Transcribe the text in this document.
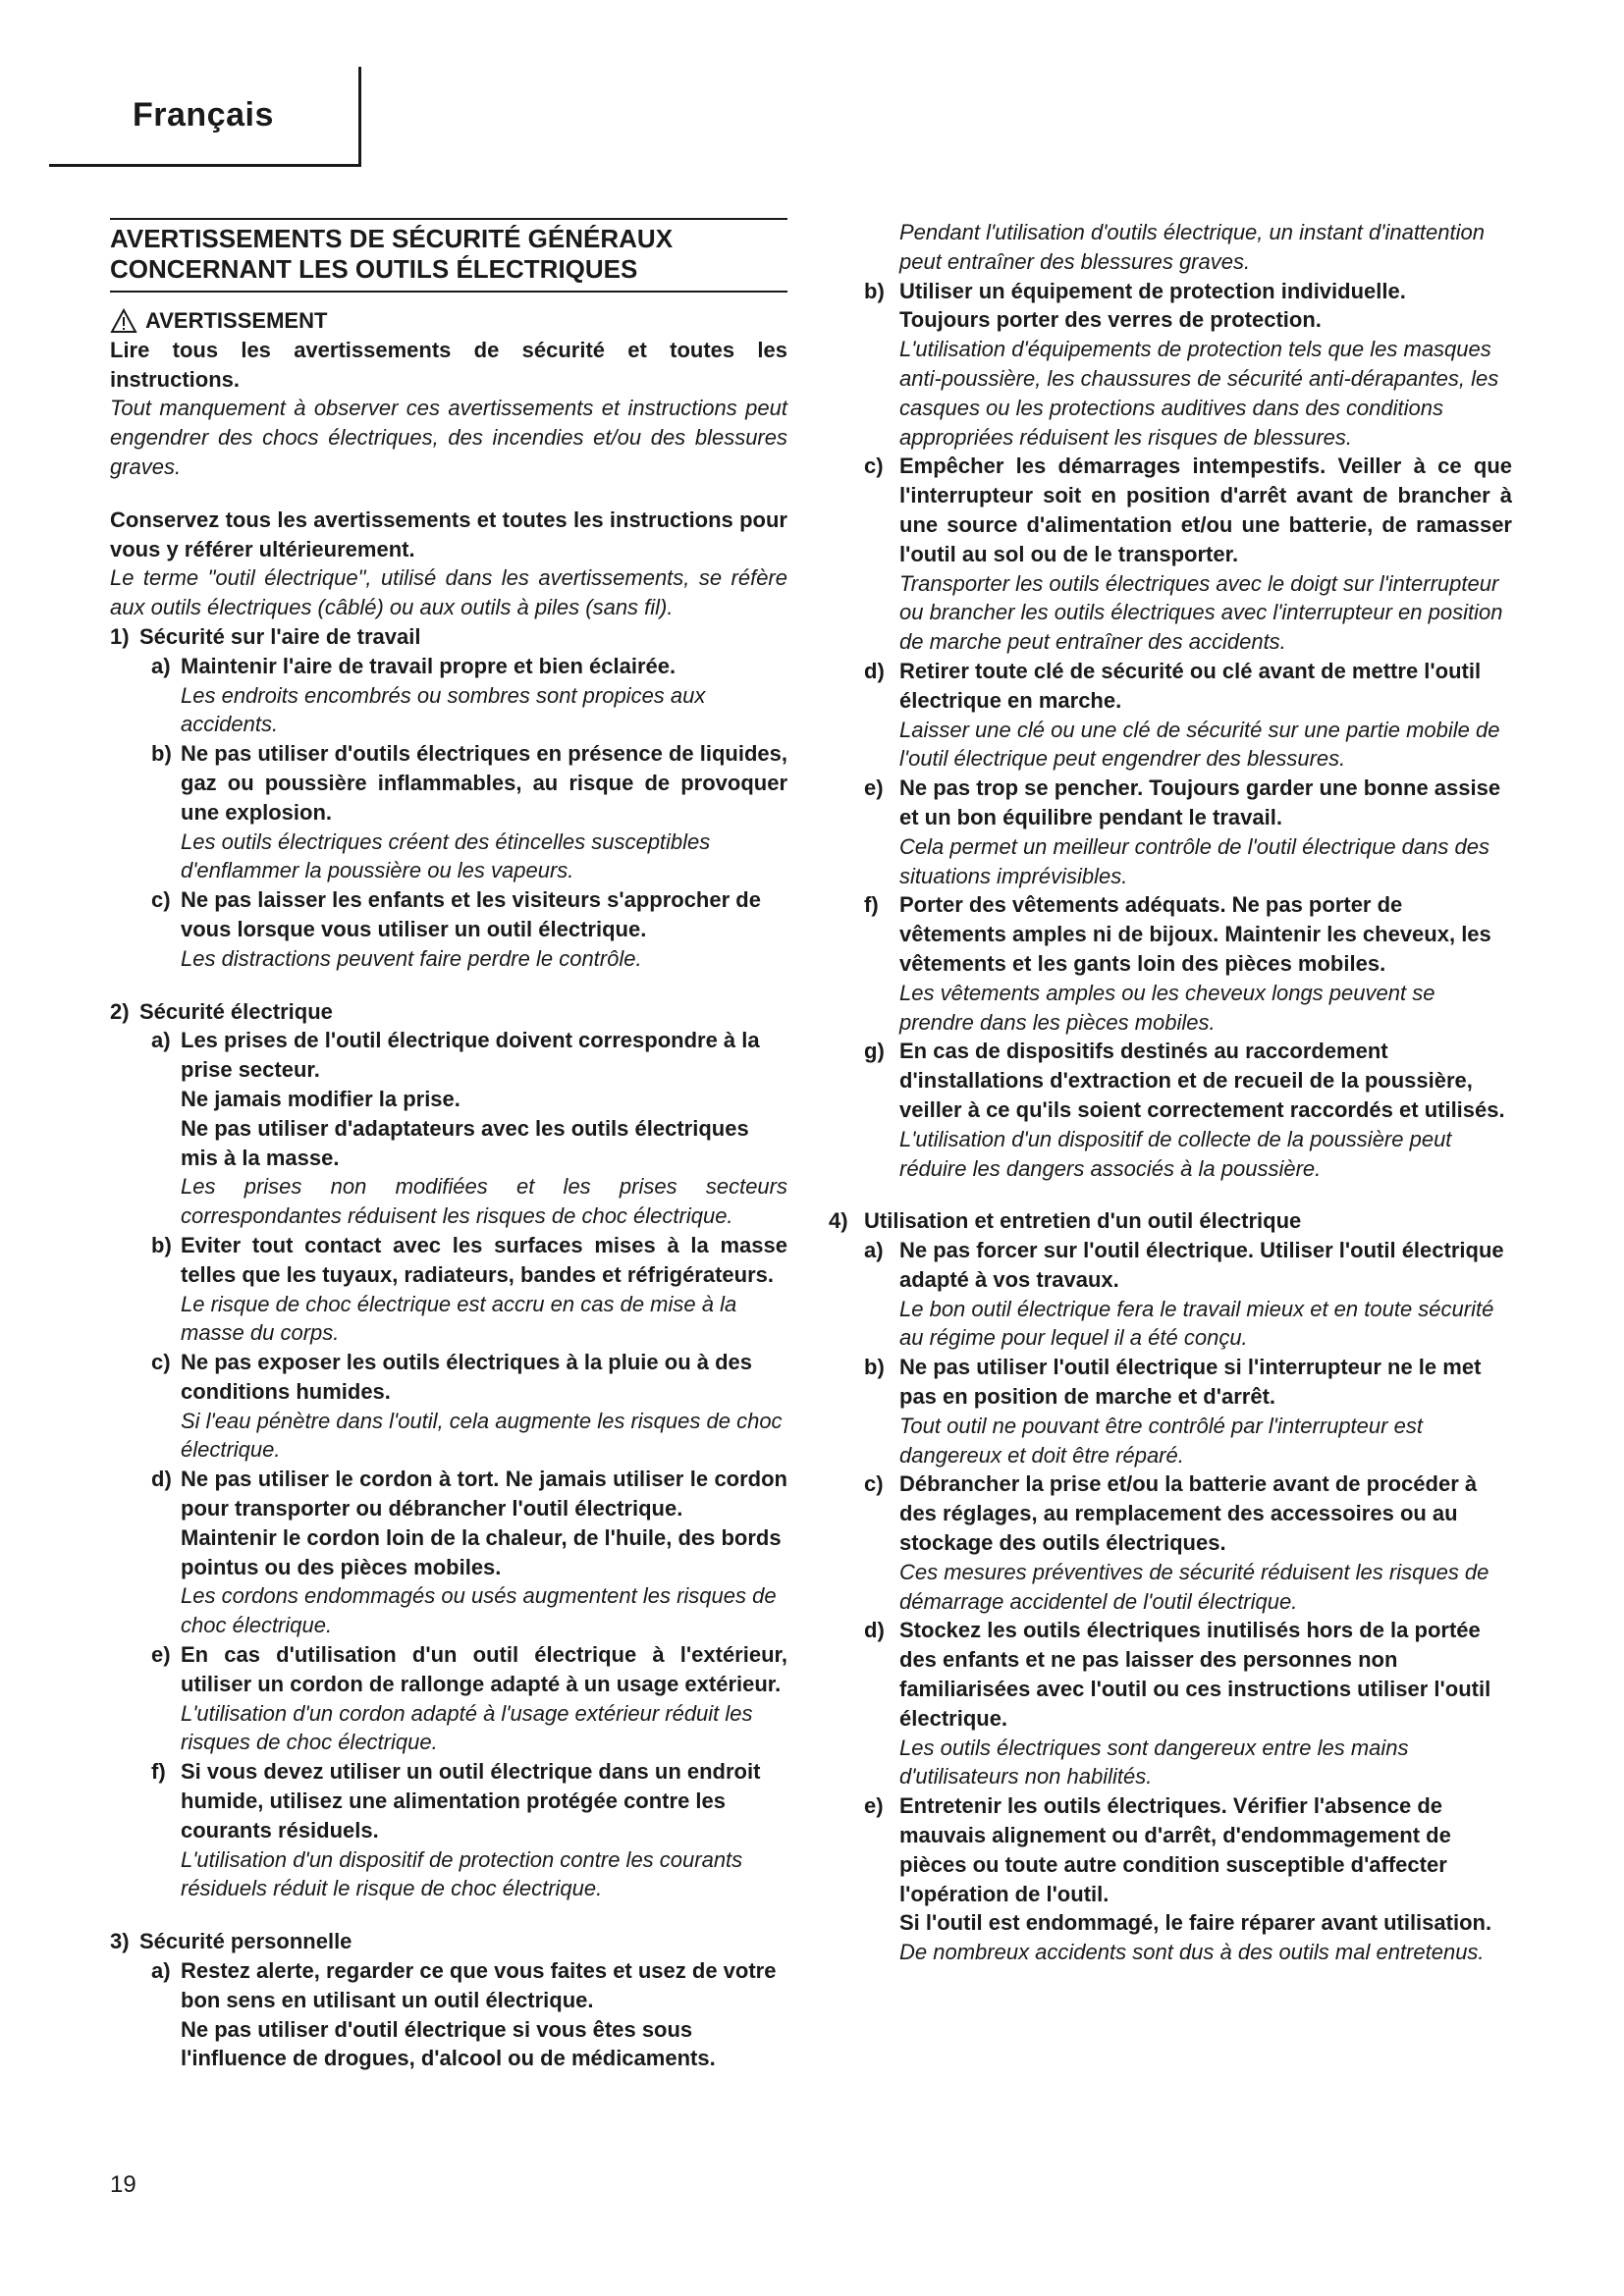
Français
AVERTISSEMENTS DE SÉCURITÉ GÉNÉRAUX CONCERNANT LES OUTILS ÉLECTRIQUES
AVERTISSEMENT

Lire tous les avertissements de sécurité et toutes les instructions.

Tout manquement à observer ces avertissements et instructions peut engendrer des chocs électriques, des incendies et/ou des blessures graves.

Conservez tous les avertissements et toutes les instructions pour vous y référer ultérieurement.

Le terme "outil électrique", utilisé dans les avertissements, se réfère aux outils électriques (câblé) ou aux outils à piles (sans fil).

1) Sécurité sur l'aire de travail
a) Maintenir l'aire de travail propre et bien éclairée.

Les endroits encombrés ou sombres sont propices aux accidents.

b) Ne pas utiliser d'outils électriques en présence de liquides, gaz ou poussière inflammables, au risque de provoquer une explosion.

Les outils électriques créent des étincelles susceptibles d'enflammer la poussière ou les vapeurs.

c) Ne pas laisser les enfants et les visiteurs s'approcher de vous lorsque vous utiliser un outil électrique.

Les distractions peuvent faire perdre le contrôle.

2) Sécurité électrique
a) Les prises de l'outil électrique doivent correspondre à la prise secteur.

Ne jamais modifier la prise.

Ne pas utiliser d'adaptateurs avec les outils électriques mis à la masse.

Les prises non modifiées et les prises secteurs correspondantes réduisent les risques de choc électrique.

b) Eviter tout contact avec les surfaces mises à la masse telles que les tuyaux, radiateurs, bandes et réfrigérateurs.

Le risque de choc électrique est accru en cas de mise à la masse du corps.

c) Ne pas exposer les outils électriques à la pluie ou à des conditions humides.

Si l'eau pénètre dans l'outil, cela augmente les risques de choc électrique.

d) Ne pas utiliser le cordon à tort. Ne jamais utiliser le cordon pour transporter ou débrancher l'outil électrique.

Maintenir le cordon loin de la chaleur, de l'huile, des bords pointus ou des pièces mobiles.

Les cordons endommagés ou usés augmentent les risques de choc électrique.

e) En cas d'utilisation d'un outil électrique à l'extérieur, utiliser un cordon de rallonge adapté à un usage extérieur.

L'utilisation d'un cordon adapté à l'usage extérieur réduit les risques de choc électrique.

f) Si vous devez utiliser un outil électrique dans un endroit humide, utilisez une alimentation protégée contre les courants résiduels.

L'utilisation d'un dispositif de protection contre les courants résiduels réduit le risque de choc électrique.

3) Sécurité personnelle
a) Restez alerte, regarder ce que vous faites et usez de votre bon sens en utilisant un outil électrique.

Ne pas utiliser d'outil électrique si vous êtes sous l'influence de drogues, d'alcool ou de médicaments.

Pendant l'utilisation d'outils électrique, un instant d'inattention peut entraîner des blessures graves.

b) Utiliser un équipement de protection individuelle.

Toujours porter des verres de protection.

L'utilisation d'équipements de protection tels que les masques anti-poussière, les chaussures de sécurité anti-dérapantes, les casques ou les protections auditives dans des conditions appropriées réduisent les risques de blessures.

c) Empêcher les démarrages intempestifs. Veiller à ce que l'interrupteur soit en position d'arrêt avant de brancher à une source d'alimentation et/ou une batterie, de ramasser l'outil au sol ou de le transporter.

Transporter les outils électriques avec le doigt sur l'interrupteur ou brancher les outils électriques avec l'interrupteur en position de marche peut entraîner des accidents.

d) Retirer toute clé de sécurité ou clé avant de mettre l'outil électrique en marche.

Laisser une clé ou une clé de sécurité sur une partie mobile de l'outil électrique peut engendrer des blessures.

e) Ne pas trop se pencher. Toujours garder une bonne assise et un bon équilibre pendant le travail.

Cela permet un meilleur contrôle de l'outil électrique dans des situations imprévisibles.

f) Porter des vêtements adéquats. Ne pas porter de vêtements amples ni de bijoux. Maintenir les cheveux, les vêtements et les gants loin des pièces mobiles.

Les vêtements amples ou les cheveux longs peuvent se prendre dans les pièces mobiles.

g) En cas de dispositifs destinés au raccordement d'installations d'extraction et de recueil de la poussière, veiller à ce qu'ils soient correctement raccordés et utilisés.

L'utilisation d'un dispositif de collecte de la poussière peut réduire les dangers associés à la poussière.

4) Utilisation et entretien d'un outil électrique
a) Ne pas forcer sur l'outil électrique. Utiliser l'outil électrique adapté à vos travaux.

Le bon outil électrique fera le travail mieux et en toute sécurité au régime pour lequel il a été conçu.

b) Ne pas utiliser l'outil électrique si l'interrupteur ne le met pas en position de marche et d'arrêt.

Tout outil ne pouvant être contrôlé par l'interrupteur est dangereux et doit être réparé.

c) Débrancher la prise et/ou la batterie avant de procéder à des réglages, au remplacement des accessoires ou au stockage des outils électriques.

Ces mesures préventives de sécurité réduisent les risques de démarrage accidentel de l'outil électrique.

d) Stockez les outils électriques inutilisés hors de la portée des enfants et ne pas laisser des personnes non familiarisées avec l'outil ou ces instructions utiliser l'outil électrique.

Les outils électriques sont dangereux entre les mains d'utilisateurs non habilités.

e) Entretenir les outils électriques. Vérifier l'absence de mauvais alignement ou d'arrêt, d'endommagement de pièces ou toute autre condition susceptible d'affecter l'opération de l'outil.

Si l'outil est endommagé, le faire réparer avant utilisation.

De nombreux accidents sont dus à des outils mal entretenus.

19
